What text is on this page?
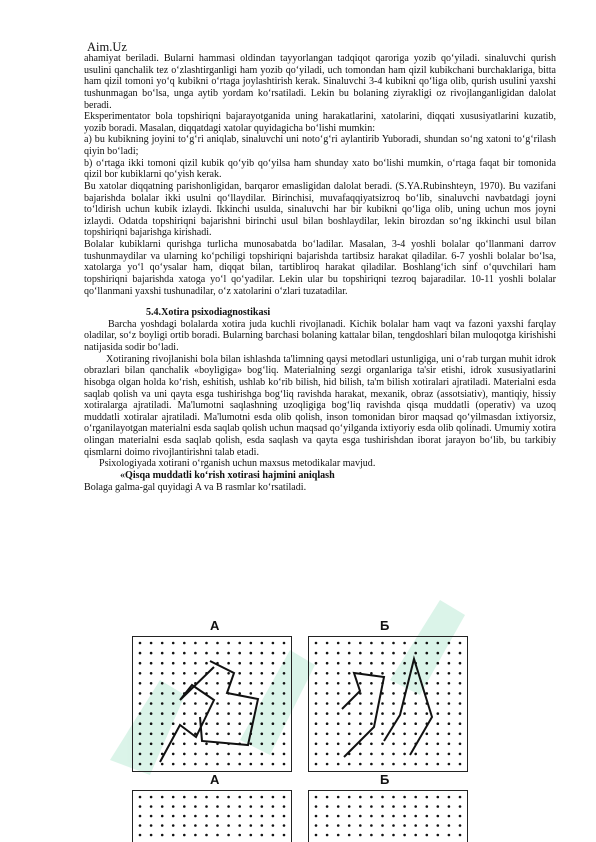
Aim.Uz

ahamiyat beriladi. Bularni hammasi oldindan tayyorlangan tadqiqot qaroriga yozib qo‘yiladi. sinaluvchi qurish usulini qanchalik tez o‘zlashtirganligi ham yozib qo‘yiladi, uch tomondan ham qizil kubikchani burchaklariga, bitta ham qizil tomoni yo‘q kubikni o‘rtaga joylashtirish kerak. Sinaluvchi 3-4 kubikni qo‘liga olib, qurish usulini yaxshi tushunmagan bo‘lsa, unga aytib yordam ko‘rsatiladi. Lekin bu bolaning ziyrakligi oz rivojlanganligidan dalolat beradi.

Eksperimentator bola topshiriqni bajarayotganida uning harakatlarini, xatolarini, diqqati xususiyatlarini kuzatib, yozib boradi. Masalan, diqqatdagi xatolar quyidagicha bo‘lishi mumkin:

a) bu kubikning joyini to‘g‘ri aniqlab, sinaluvchi uni noto‘g‘ri aylantirib Yuboradi, shundan so‘ng xatoni to‘g‘rilash qiyin bo‘ladi;

b) o‘rtaga ikki tomoni qizil kubik qo‘yib qo‘yilsa ham shunday xato bo‘lishi mumkin, o‘rtaga faqat bir tomonida qizil bor kubiklarni qo‘yish kerak.

Bu xatolar diqqatning parishonligidan, barqaror emasligidan dalolat beradi. (S.YA.Rubinshteyn, 1970). Bu vazifani bajarishda bolalar ikki usulni qo‘llaydilar. Birinchisi, muvafaqqiyatsizroq bo‘lib, sinaluvchi navbatdagi joyni to‘ldirish uchun kubik izlaydi. Ikkinchi usulda, sinaluvchi har bir kubikni qo‘liga olib, uning uchun mos joyni izlaydi. Odatda topshiriqni bajarishni birinchi usul bilan boshlaydilar, lekin birozdan so‘ng ikkinchi usul bilan topshiriqni bajarishga kirishadi.

Bolalar kubiklarni qurishga turlicha munosabatda bo‘ladilar. Masalan, 3-4 yoshli bolalar qo‘llanmani darrov tushunmaydilar va ularning ko‘pchiligi topshiriqni bajarishda tartibsiz harakat qiladilar. 6-7 yoshli bolalar bo‘lsa, xatolarga yo‘l qo‘ysalar ham, diqqat bilan, tartibliroq harakat qiladilar. Boshlang‘ich sinf o‘quvchilari ham topshiriqni bajarishda xatoga yo‘l qo‘yadilar. Lekin ular bu topshiriqni tezroq bajaradilar. 10-11 yoshli bolalar qo‘llanmani yaxshi tushunadilar, o‘z xatolarini o‘zlari tuzatadilar.

5.4.Xotira psixodiagnostikasi

Barcha yoshdagi bolalarda xotira juda kuchli rivojlanadi. Kichik bolalar ham vaqt va fazoni yaxshi farqlay oladilar, so‘z boyligi ortib boradi. Bularning barchasi bolaning kattalar bilan, tengdoshlari bilan muloqotga kirishishi natijasida sodir bo‘ladi.

Xotiraning rivojlanishi bola bilan ishlashda ta'limning qaysi metodlari ustunligiga, uni o‘rab turgan muhit idrok obrazlari bilan qanchalik «boyligiga» bog‘liq. Materialning sezgi organlariga ta'sir etishi, idrok xususiyatlarini hisobga olgan holda ko‘rish, eshitish, ushlab ko‘rib bilish, hid bilish, ta'm bilish xotiralari ajratiladi. Materialni esda saqlab qolish va uni qayta esga tushirishga bog‘liq ravishda harakat, mexanik, obraz (assotsiativ), mantiqiy, hissiy xotiralarga ajratiladi. Ma'lumotni saqlashning uzoqligiga bog‘liq ravishda qisqa muddatli (operativ) va uzoq muddatli xotiralar ajratiladi. Ma'lumotni esda olib qolish, inson tomonidan biror maqsad qo‘yilmasdan ixtiyorsiz, o‘rganilayotgan materialni esda saqlab qolish uchun maqsad qo‘yilganda ixtiyoriy esda olib qolinadi. Umumiy xotira olingan materialni esda saqlab qolish, esda saqlash va qayta esga tushirishdan iborat jarayon bo‘lib, bu tarkibiy qismlarni doimo rivojlantirishni talab etadi.

Psixologiyada xotirani o‘rganish uchun maxsus metodikalar mavjud.

«Qisqa muddatli ko‘rish xotirasi hajmini aniqlash

Bolaga galma-gal quyidagi A va B rasmlar ko‘rsatiladi.

А	Б
А	Б
